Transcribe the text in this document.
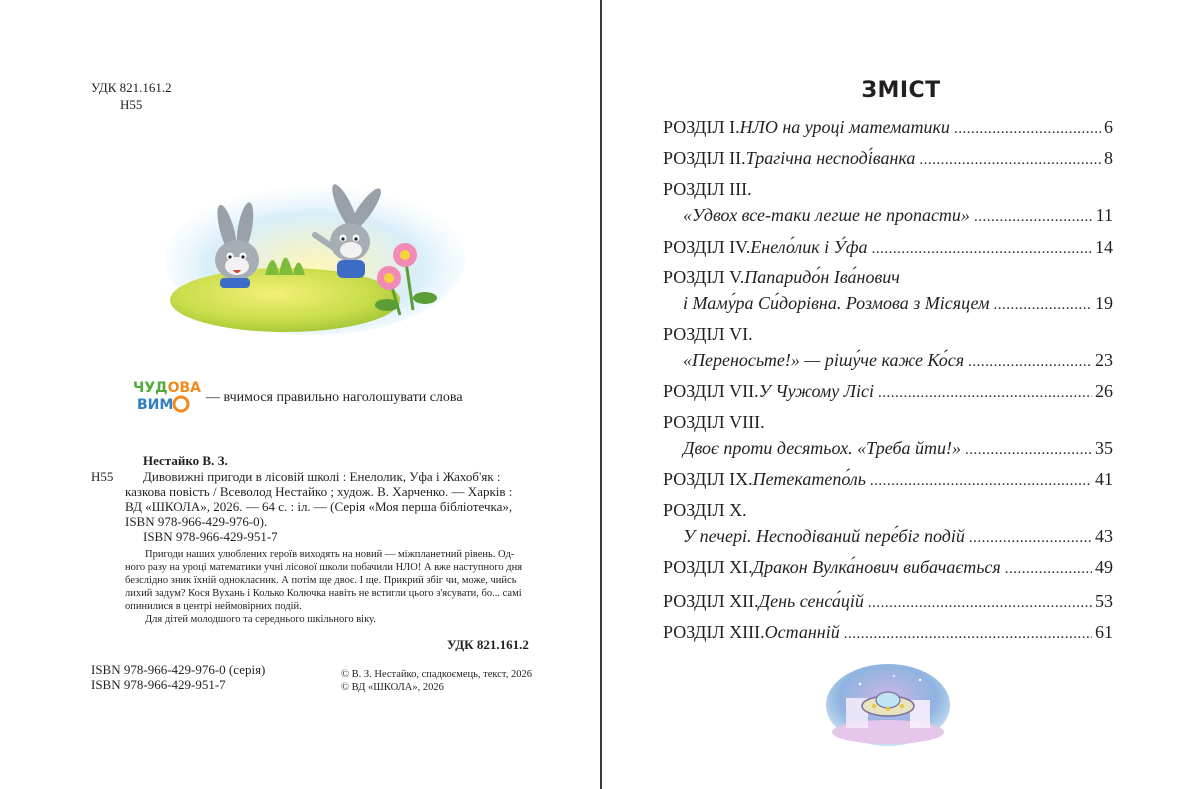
УДК 821.161.2
Н55
ЧУДОВА
ВИМ — вчимося правильно наголошувати слова
Нестайко В. З.
Н55 Дивовижні пригоди в лісовій школі : Енелолик, Уфа і Жахоб'як :
казкова повість / Всеволод Нестайко ; худож. В. Харченко. — Харків :
ВД «ШКОЛА», 2026. — 64 с. : іл. — (Серія «Моя перша бібліотечка»,
ISBN 978-966-429-976-0).
ISBN 978-966-429-951-7
Пригоди наших улюблених героїв виходять на новий — міжпланетний рівень. Од-
ного разу на уроці математики учні лісової школи побачили НЛО! А вже наступного дня
безслідно зник їхній однокласник. А потім ще двоє. І ще. Прикрий збіг чи, може, чийсь
лихий задум? Кося Вухань і Колько Колючка навіть не встигли цього з'ясувати, бо... самі
опинилися в центрі неймовірних подій.
Для дітей молодшого та середнього шкільного віку.
УДК 821.161.2
ISBN 978-966-429-976-0 (серія)
ISBN 978-966-429-951-7
© В. З. Нестайко, спадкоємець, текст, 2026
© ВД «ШКОЛА», 2026
ЗМІСТ
РОЗДІЛ I. НЛО на уроці математики .....	6
РОЗДІЛ II. Трагічна несподі́ванка .....	8
РОЗДІЛ III.
«Удвох все-таки легше не пропасти» .....	11
РОЗДІЛ IV. Енело́лик і У́фа .....	14
РОЗДІЛ V. Папаридо́н Іва́нович
і Маму́ра Си́дорівна. Розмова з Місяцем .....	19
РОЗДІЛ VI.
«Переносьте!» — рішу́че каже Ко́ся .....	23
РОЗДІЛ VII. У Чужому Лісі .....	26
РОЗДІЛ VIII.
Двоє проти десятьох. «Треба йти!» .....	35
РОЗДІЛ IX. Петекатепо́ль .....	41
РОЗДІЛ X.
У печері. Несподіваний пере́біг подій .....	43
РОЗДІЛ XI. Дракон Вулка́нович вибачається .....	49
РОЗДІЛ XII. День сенса́цій .....	53
РОЗДІЛ XIII. Останній .....	61
